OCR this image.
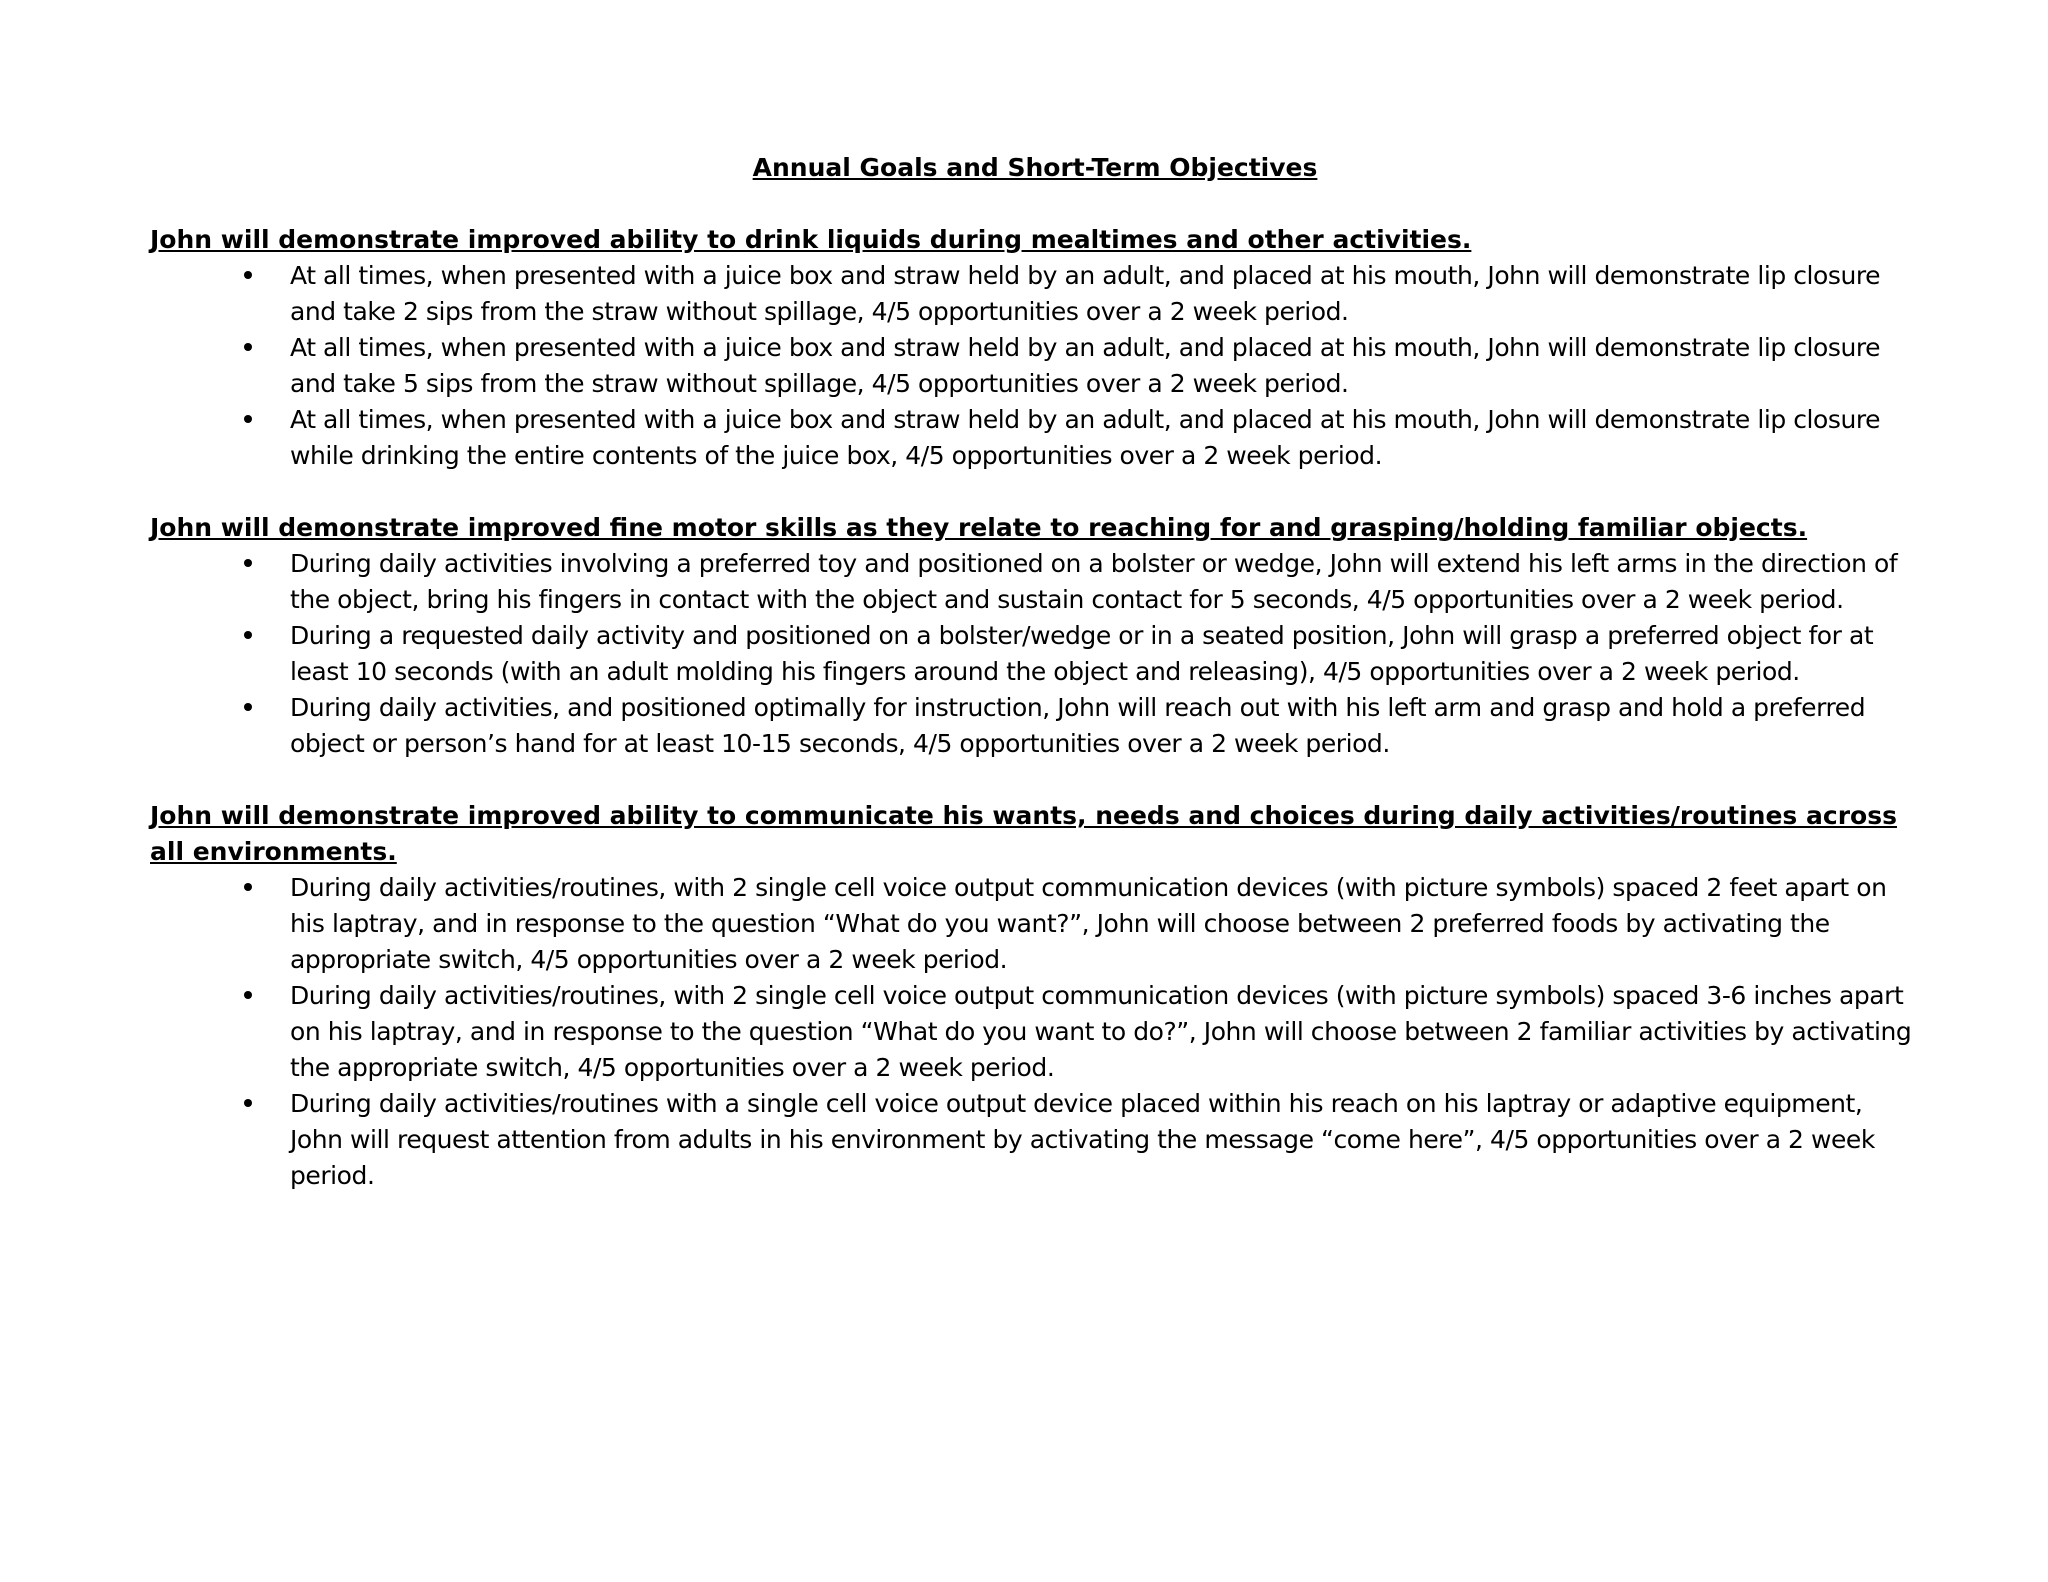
Annual Goals and Short-Term Objectives

John will demonstrate improved ability to drink liquids during mealtimes and other activities.

At all times, when presented with a juice box and straw held by an adult, and placed at his mouth, John will demonstrate lip closure and take 2 sips from the straw without spillage, 4/5 opportunities over a 2 week period.
At all times, when presented with a juice box and straw held by an adult, and placed at his mouth, John will demonstrate lip closure and take 5 sips from the straw without spillage, 4/5 opportunities over a 2 week period.
At all times, when presented with a juice box and straw held by an adult, and placed at his mouth, John will demonstrate lip closure while drinking the entire contents of the juice box, 4/5 opportunities over a 2 week period.

John will demonstrate improved fine motor skills as they relate to reaching for and grasping/holding familiar objects.

During daily activities involving a preferred toy and positioned on a bolster or wedge, John will extend his left arms in the direction of the object, bring his fingers in contact with the object and sustain contact for 5 seconds, 4/5 opportunities over a 2 week period.
During a requested daily activity and positioned on a bolster/wedge or in a seated position, John will grasp a preferred object for at least 10 seconds (with an adult molding his fingers around the object and releasing), 4/5 opportunities over a 2 week period.
During daily activities, and positioned optimally for instruction, John will reach out with his left arm and grasp and hold a preferred object or person’s hand for at least 10-15 seconds, 4/5 opportunities over a 2 week period.

John will demonstrate improved ability to communicate his wants, needs and choices during daily activities/routines across all environments.

During daily activities/routines, with 2 single cell voice output communication devices (with picture symbols) spaced 2 feet apart on his laptray, and in response to the question “What do you want?”, John will choose between 2 preferred foods by activating the appropriate switch, 4/5 opportunities over a 2 week period.
During daily activities/routines, with 2 single cell voice output communication devices (with picture symbols) spaced 3-6 inches apart on his laptray, and in response to the question “What do you want to do?”, John will choose between 2 familiar activities by activating the appropriate switch, 4/5 opportunities over a 2 week period.
During daily activities/routines with a single cell voice output device placed within his reach on his laptray or adaptive equipment, John will request attention from adults in his environment by activating the message “come here”, 4/5 opportunities over a 2 week period.
